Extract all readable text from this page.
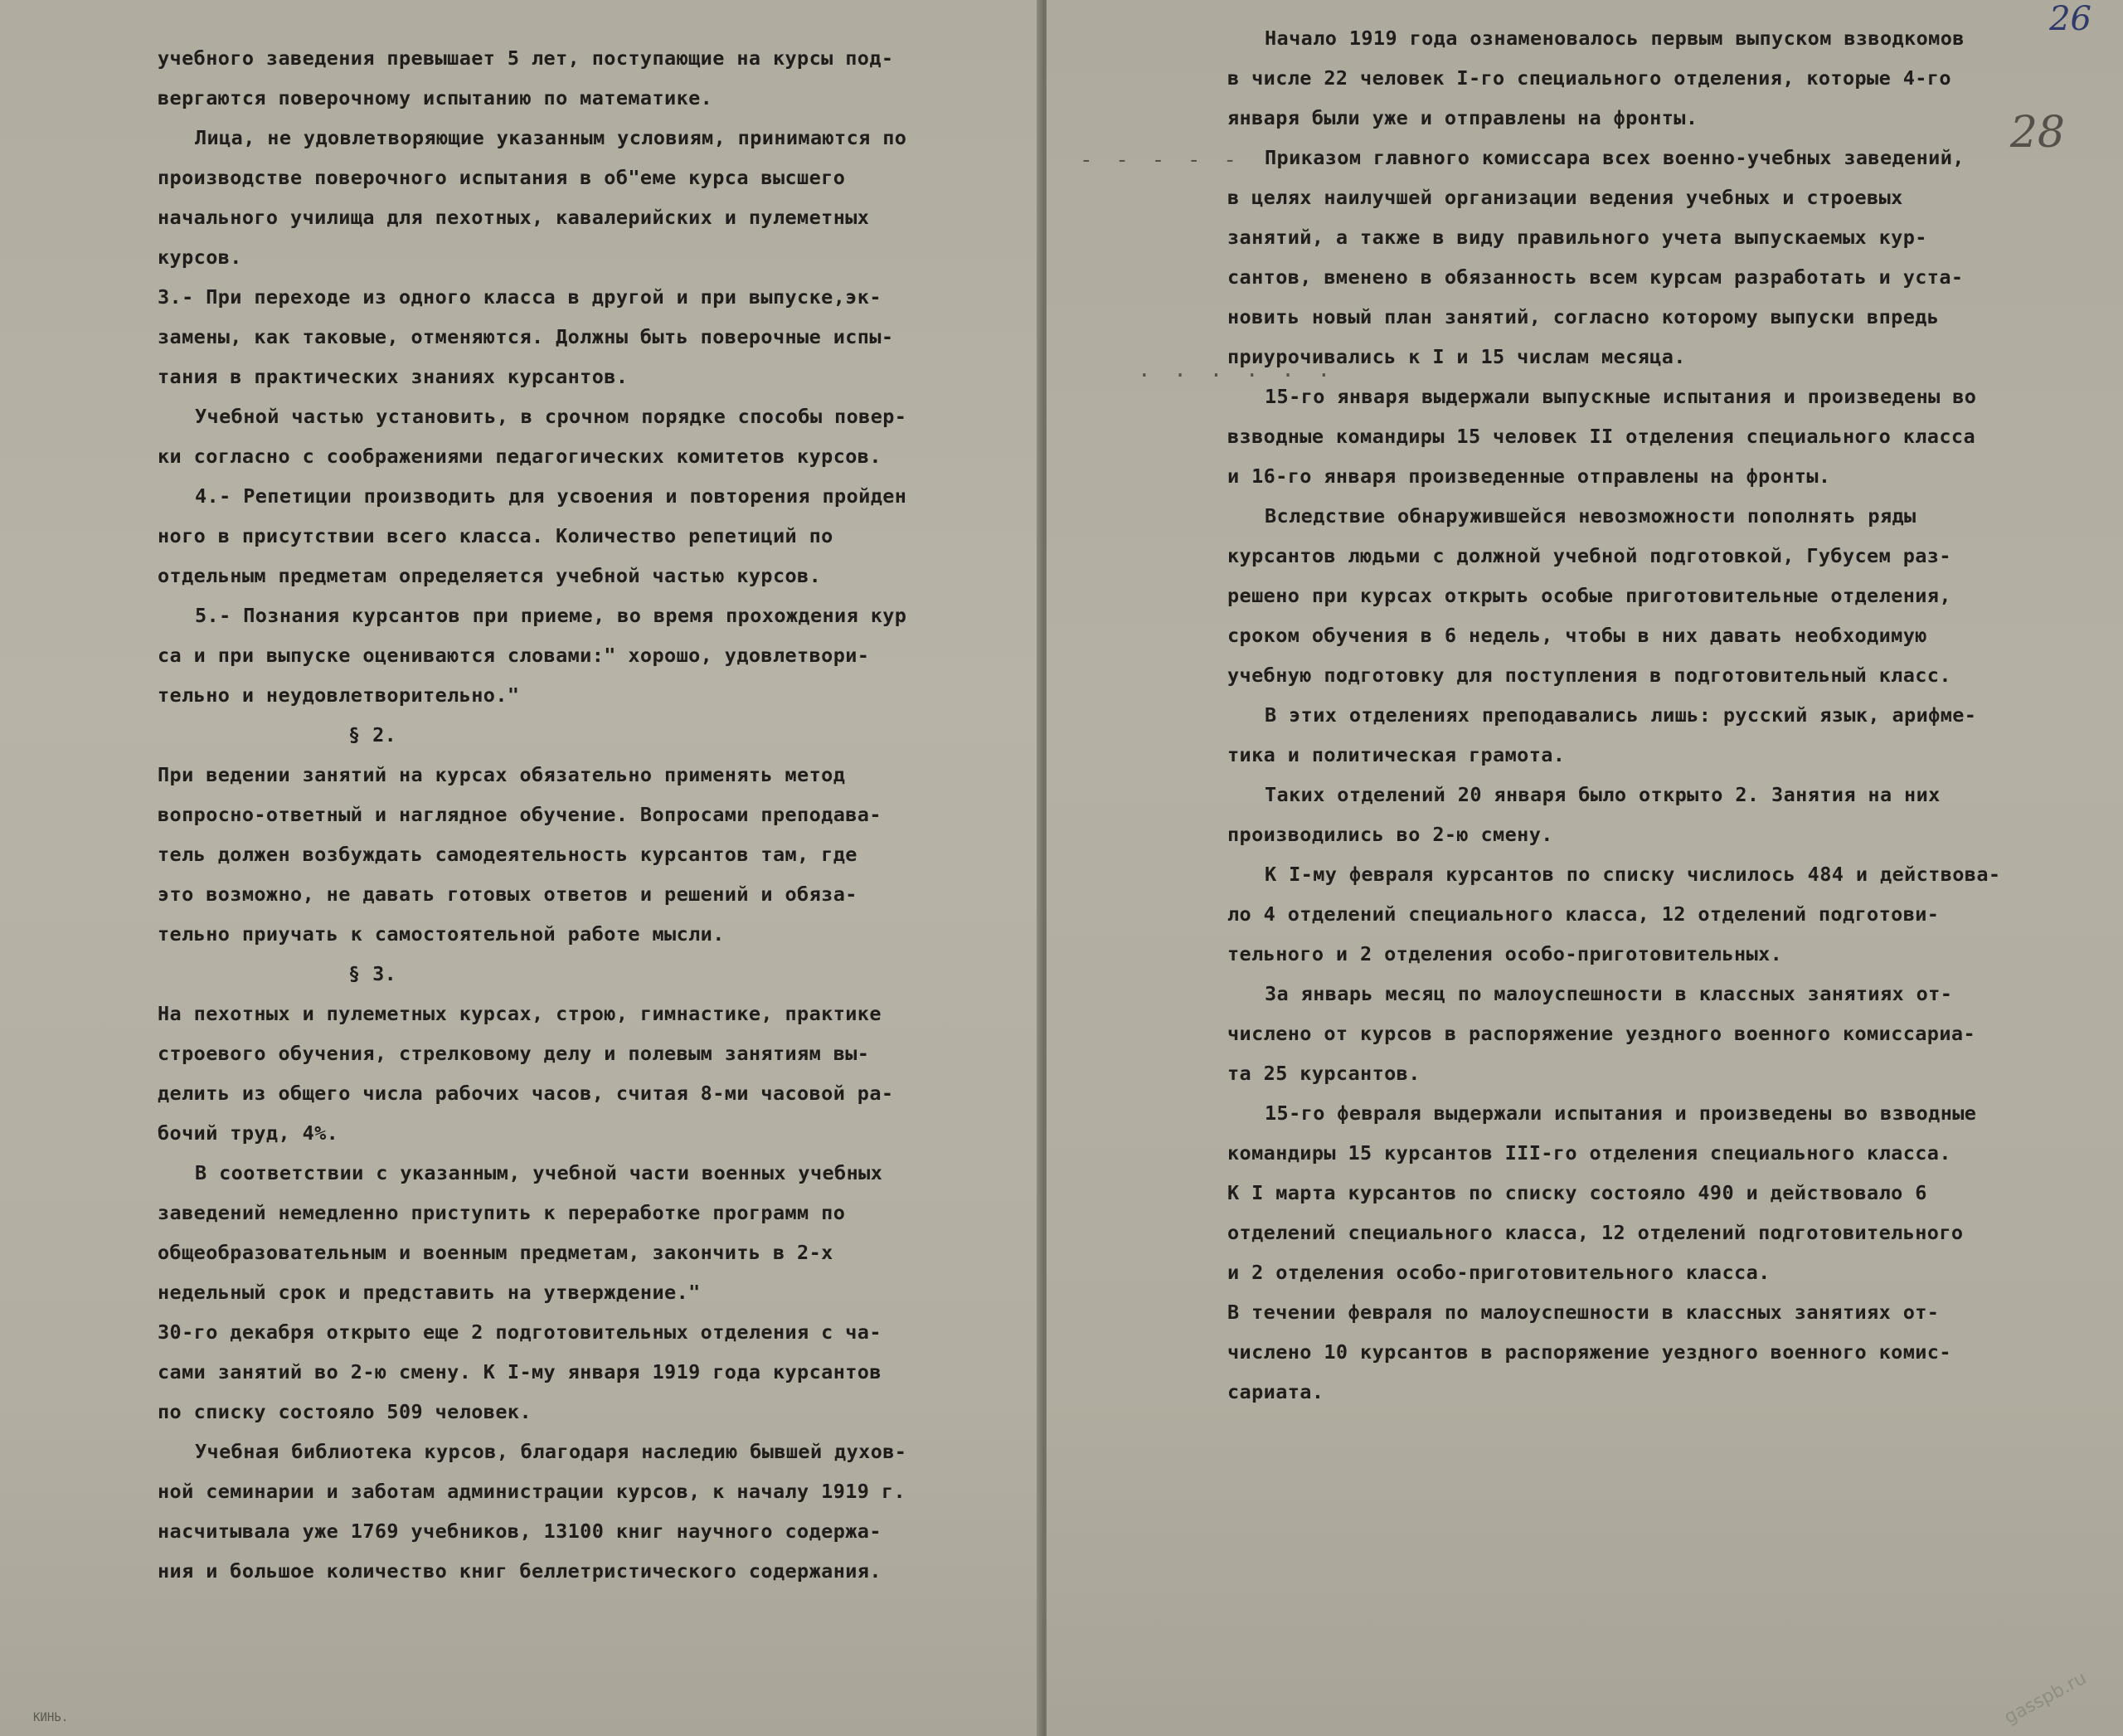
учебного заведения превышает 5 лет, поступающие на курсы под-

вергаются поверочному испытанию по математике.

Лица, не удовлетворяющие указанным условиям, принимаются по

производстве поверочного испытания в об"еме курса высшего

начального училища для пехотных, кавалерийских и пулеметных

курсов.

3.- При переходе из одного класса в другой и при выпуске,эк-

замены, как таковые, отменяются. Должны быть поверочные испы-

тания в практических знаниях курсантов.

Учебной частью установить, в срочном порядке способы повер-

ки согласно с соображениями педагогических комитетов курсов.

4.- Репетиции производить для усвоения и повторения пройден

ного в присутствии всего класса. Количество репетиций по

отдельным предметам определяется учебной частью курсов.

5.- Познания курсантов при приеме, во время прохождения кур

са и при выпуске оцениваются словами:" хорошо, удовлетвори-

тельно и неудовлетворительно."

§ 2.

При ведении занятий на курсах обязательно применять метод

вопросно-ответный и наглядное обучение. Вопросами преподава-

тель должен возбуждать самодеятельность курсантов там, где

это возможно, не давать готовых ответов и решений и обяза-

тельно приучать к самостоятельной работе мысли.

§ 3.

На пехотных и пулеметных курсах, строю, гимнастике, практике

строевого обучения, стрелковому делу и полевым занятиям вы-

делить из общего числа рабочих часов, считая 8-ми часовой ра-

бочий труд, 4%.

В соответствии с указанным, учебной части военных учебных

заведений немедленно приступить к переработке программ по

общеобразовательным и военным предметам, закончить в 2-х

недельный срок и представить на утверждение."

30-го декабря открыто еще 2 подготовительных отделения с ча-

сами занятий во 2-ю смену. К I-му января 1919 года курсантов

по списку состояло 509 человек.

Учебная библиотека курсов, благодаря наследию бывшей духов-

ной семинарии и заботам администрации курсов, к началу 1919 г.

насчитывала уже 1769 учебников, 13100 книг научного содержа-

ния и большое количество книг беллетристического содержания.

КИНЬ.
26
28
- - - - -
· · · · · ·

Начало 1919 года ознаменовалось первым выпуском взводкомов

в числе 22 человек I-го специального отделения, которые 4-го

января были уже и отправлены на фронты.

Приказом главного комиссара всех военно-учебных заведений,

в целях наилучшей организации ведения учебных и строевых

занятий, а также в виду правильного учета выпускаемых кур-

сантов, вменено в обязанность всем курсам разработать и уста-

новить новый план занятий, согласно которому выпуски впредь

приурочивались к I и 15 числам месяца.

15-го января выдержали выпускные испытания и произведены во

взводные командиры 15 человек II отделения специального класса

и 16-го января произведенные отправлены на фронты.

Вследствие обнаружившейся невозможности пополнять ряды

курсантов людьми с должной учебной подготовкой, Губусем раз-

решено при курсах открыть особые приготовительные отделения,

сроком обучения в 6 недель, чтобы в них давать необходимую

учебную подготовку для поступления в подготовительный класс.

В этих отделениях преподавались лишь: русский язык, арифме-

тика и политическая грамота.

Таких отделений 20 января было открыто 2. Занятия на них

производились во 2-ю смену.

К I-му февраля курсантов по списку числилось 484 и действова-

ло 4 отделений специального класса, 12 отделений подготови-

тельного и 2 отделения особо-приготовительных.

За январь месяц по малоуспешности в классных занятиях от-

числено от курсов в распоряжение уездного военного комиссариа-

та 25 курсантов.

15-го февраля выдержали испытания и произведены во взводные

командиры 15 курсантов III-го отделения специального класса.

К I марта курсантов по списку состояло 490 и действовало 6

отделений специального класса, 12 отделений подготовительного

и 2 отделения особо-приготовительного класса.

В течении февраля по малоуспешности в классных занятиях от-

числено 10 курсантов в распоряжение уездного военного комис-

сариата.

gasspb.ru
